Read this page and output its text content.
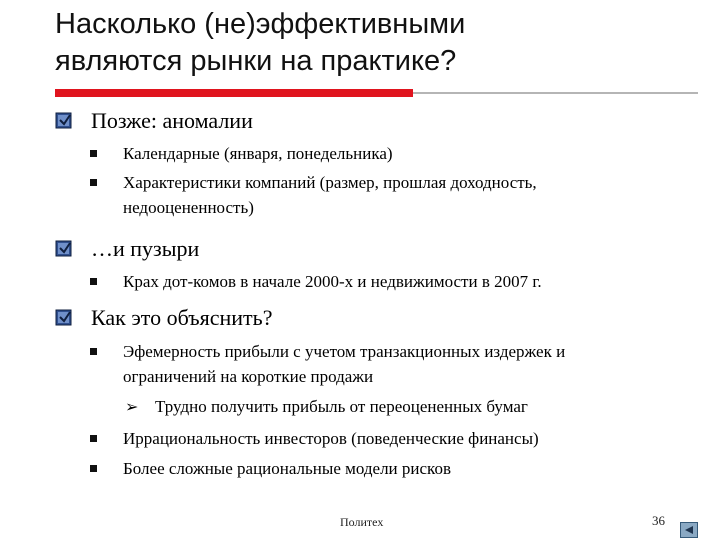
Насколько (не)эффективными
являются рынки на практике?
Позже: аномалии
Календарные (января, понедельника)
Характеристики компаний (размер, прошлая доходность,
недооцененность)
…и пузыри
Крах дот-комов в начале 2000-х и недвижимости в 2007 г.
Как это объяснить?
Эфемерность прибыли с учетом транзакционных издержек и
ограничений на короткие продажи
➢ Трудно получить прибыль от переоцененных бумаг
Иррациональность инвесторов (поведенческие финансы)
Более сложные рациональные модели рисков
Политех	36
